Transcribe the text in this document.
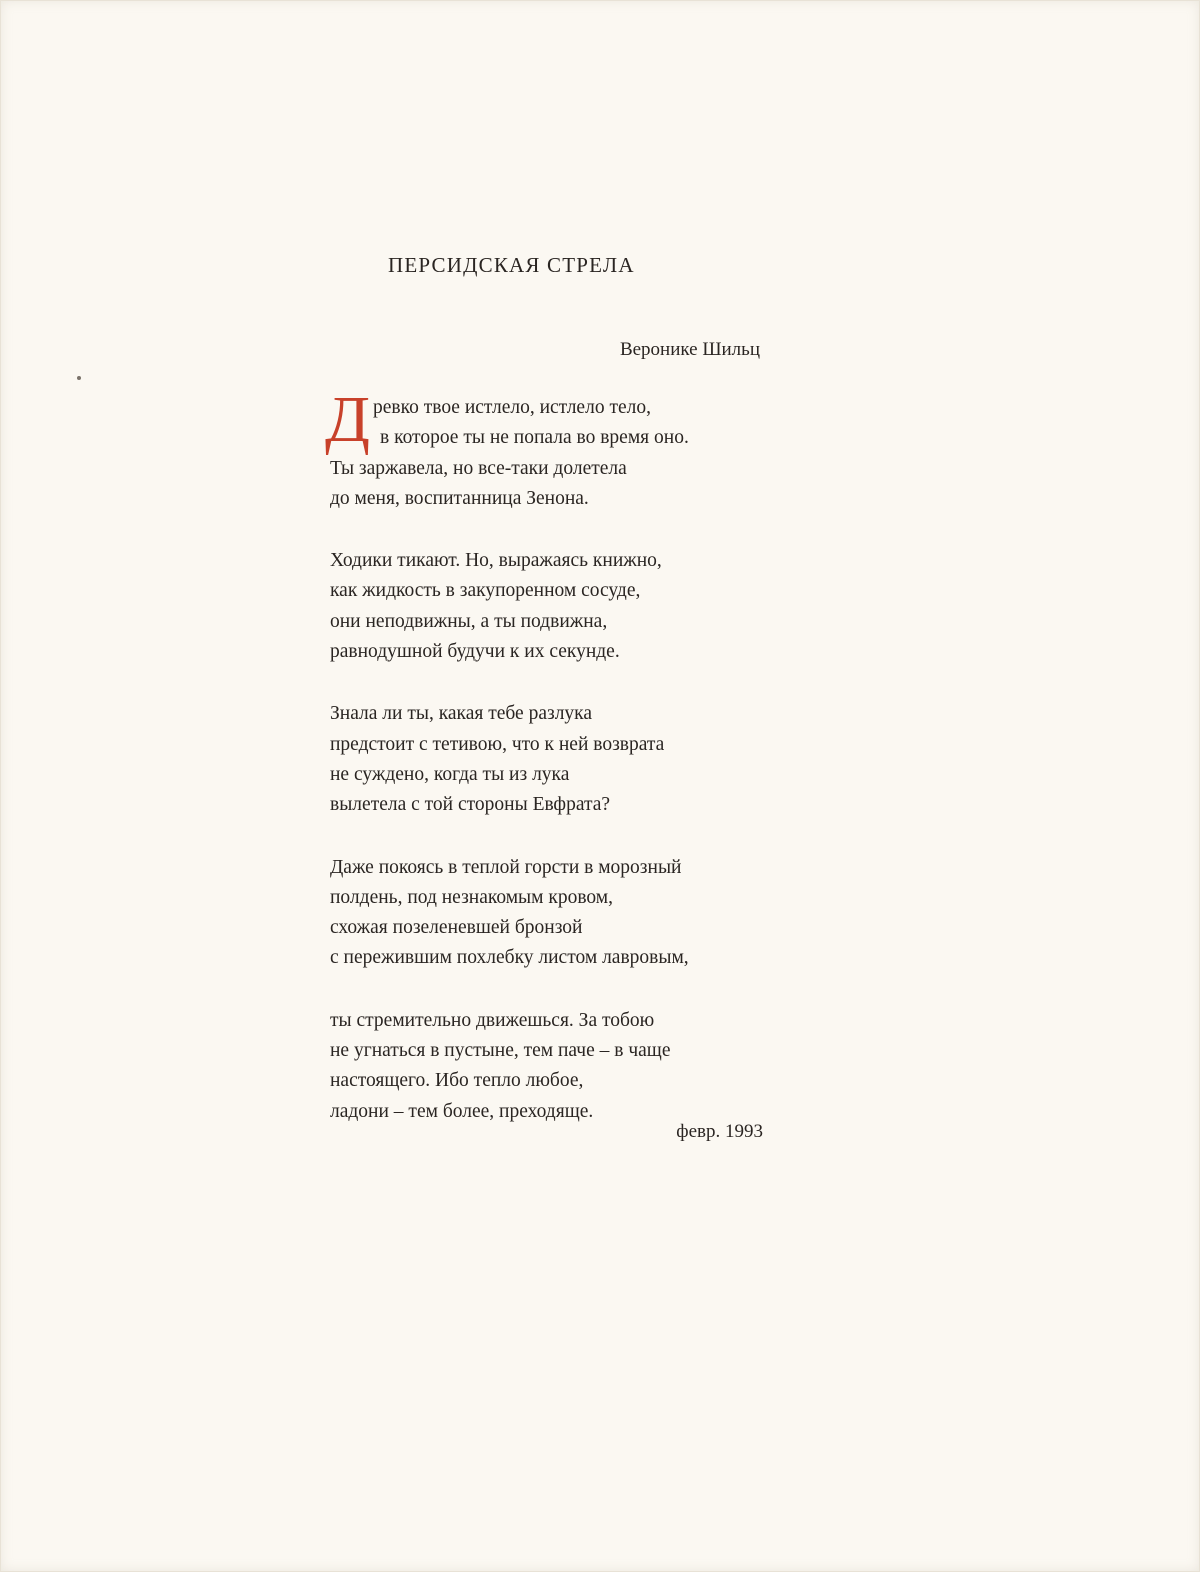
ПЕРСИДСКАЯ СТРЕЛА
Веронике Шильц
Д ревко твое истлело, истлело тело,
в которое ты не попала во время оно.
Ты заржавела, но все-таки долетела
до меня, воспитанница Зенона.
Ходики тикают. Но, выражаясь книжно,
как жидкость в закупоренном сосуде,
они неподвижны, а ты подвижна,
равнодушной будучи к их секунде.
Знала ли ты, какая тебе разлука
предстоит с тетивою, что к ней возврата
не суждено, когда ты из лука
вылетела с той стороны Евфрата?
Даже покоясь в теплой горсти в морозный
полдень, под незнакомым кровом,
схожая позеленевшей бронзой
с пережившим похлебку листом лавровым,
ты стремительно движешься. За тобою
не угнаться в пустыне, тем паче – в чаще
настоящего. Ибо тепло любое,
ладони – тем более, преходяще.
февр. 1993
